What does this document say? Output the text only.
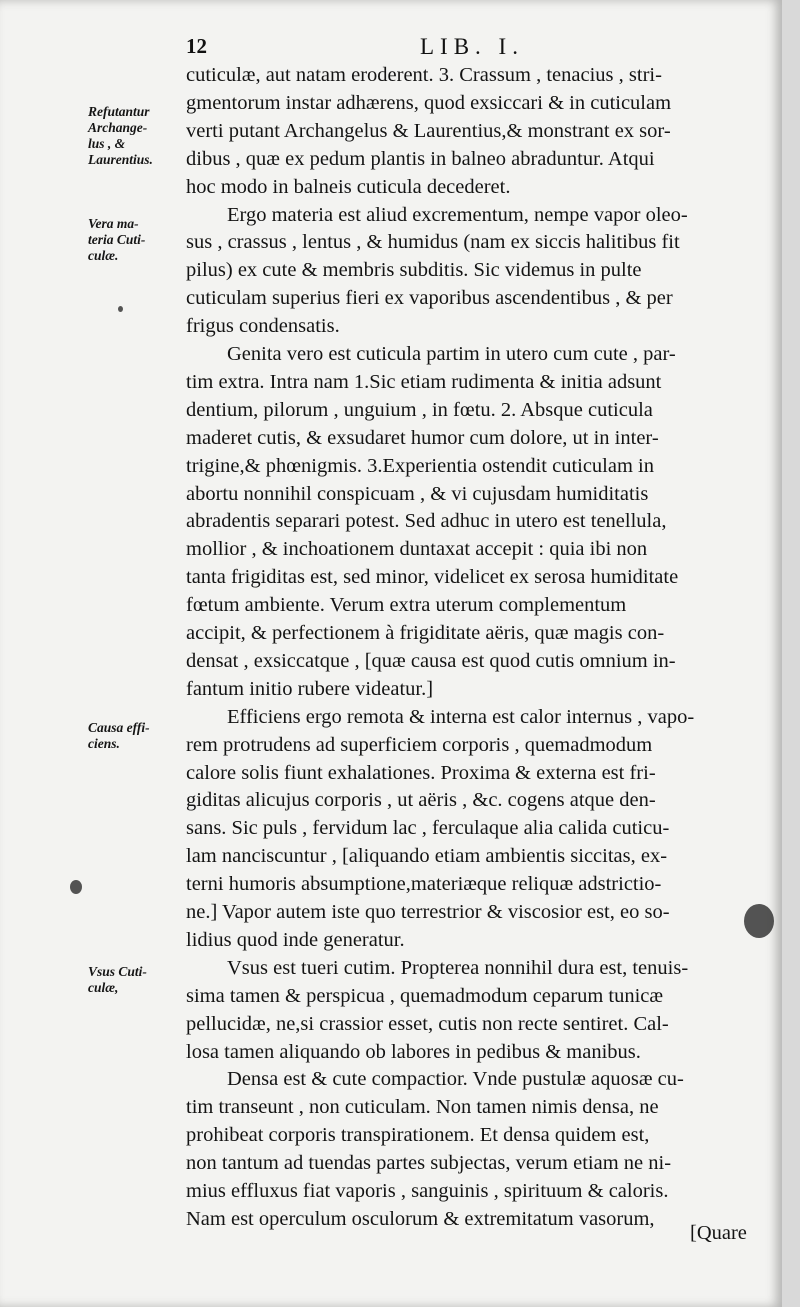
12	LIB. I.
Refutantur
Archange-
lus , &
Laurentius.
Vera ma-
teria Cuti-
culæ.
Causa effi-
ciens.
Vsus Cuti-
culæ,
cuticulæ, aut natam eroderent. 3. Crassum , tenacius , stri-
gmentorum instar adhærens, quod exsiccari & in cuticulam
verti putant Archangelus & Laurentius,& monstrant ex sor-
dibus , quæ ex pedum plantis in balneo abraduntur. Atqui
hoc modo in balneis cuticula decederet.
  Ergo materia est aliud excrementum, nempe vapor oleo-
sus , crassus , lentus , & humidus (nam ex siccis halitibus fit
pilus) ex cute & membris subditis. Sic videmus in pulte
cuticulam superius fieri ex vaporibus ascendentibus , & per
frigus condensatis.
  Genita vero est cuticula partim in utero cum cute , par-
tim extra. Intra nam 1.Sic etiam rudimenta & initia adsunt
dentium, pilorum , unguium , in fœtu. 2. Absque cuticula
maderet cutis, & exsudaret humor cum dolore, ut in inter-
trigine,& phœnigmis. 3.Experientia ostendit cuticulam in
abortu nonnihil conspicuam , & vi cujusdam humiditatis
abradentis separari potest. Sed adhuc in utero est tenellula,
mollior , & inchoationem duntaxat accepit : quia ibi non
tanta frigiditas est, sed minor, videlicet ex serosa humiditate
fœtum ambiente. Verum extra uterum complementum
accipit, & perfectionem à frigiditate aëris, quæ magis con-
densat , exsiccatque , [quæ causa est quod cutis omnium in-
fantum initio rubere videatur.]
  Efficiens ergo remota & interna est calor internus , vapo-
rem protrudens ad superficiem corporis , quemadmodum
calore solis fiunt exhalationes. Proxima & externa est fri-
giditas alicujus corporis , ut aëris , &c. cogens atque den-
sans. Sic puls , fervidum lac , ferculaque alia calida cuticu-
lam nanciscuntur , [aliquando etiam ambientis siccitas, ex-
terni humoris absumptione,materiæque reliquæ adstrictio-
ne.] Vapor autem iste quo terrestrior & viscosior est, eo so-
lidius quod inde generatur.
  Vsus est tueri cutim. Propterea nonnihil dura est, tenuis-
sima tamen & perspicua , quemadmodum ceparum tunicæ
pellucidæ, ne,si crassior esset, cutis non recte sentiret. Cal-
losa tamen aliquando ob labores in pedibus & manibus.
  Densa est & cute compactior. Vnde pustulæ aquosæ cu-
tim transeunt , non cuticulam. Non tamen nimis densa, ne
prohibeat corporis transpirationem. Et densa quidem est,
non tantum ad tuendas partes subjectas, verum etiam ne ni-
mius effluxus fiat vaporis , sanguinis , spirituum & caloris.
Nam est operculum osculorum & extremitatum vasorum,
[Quare
